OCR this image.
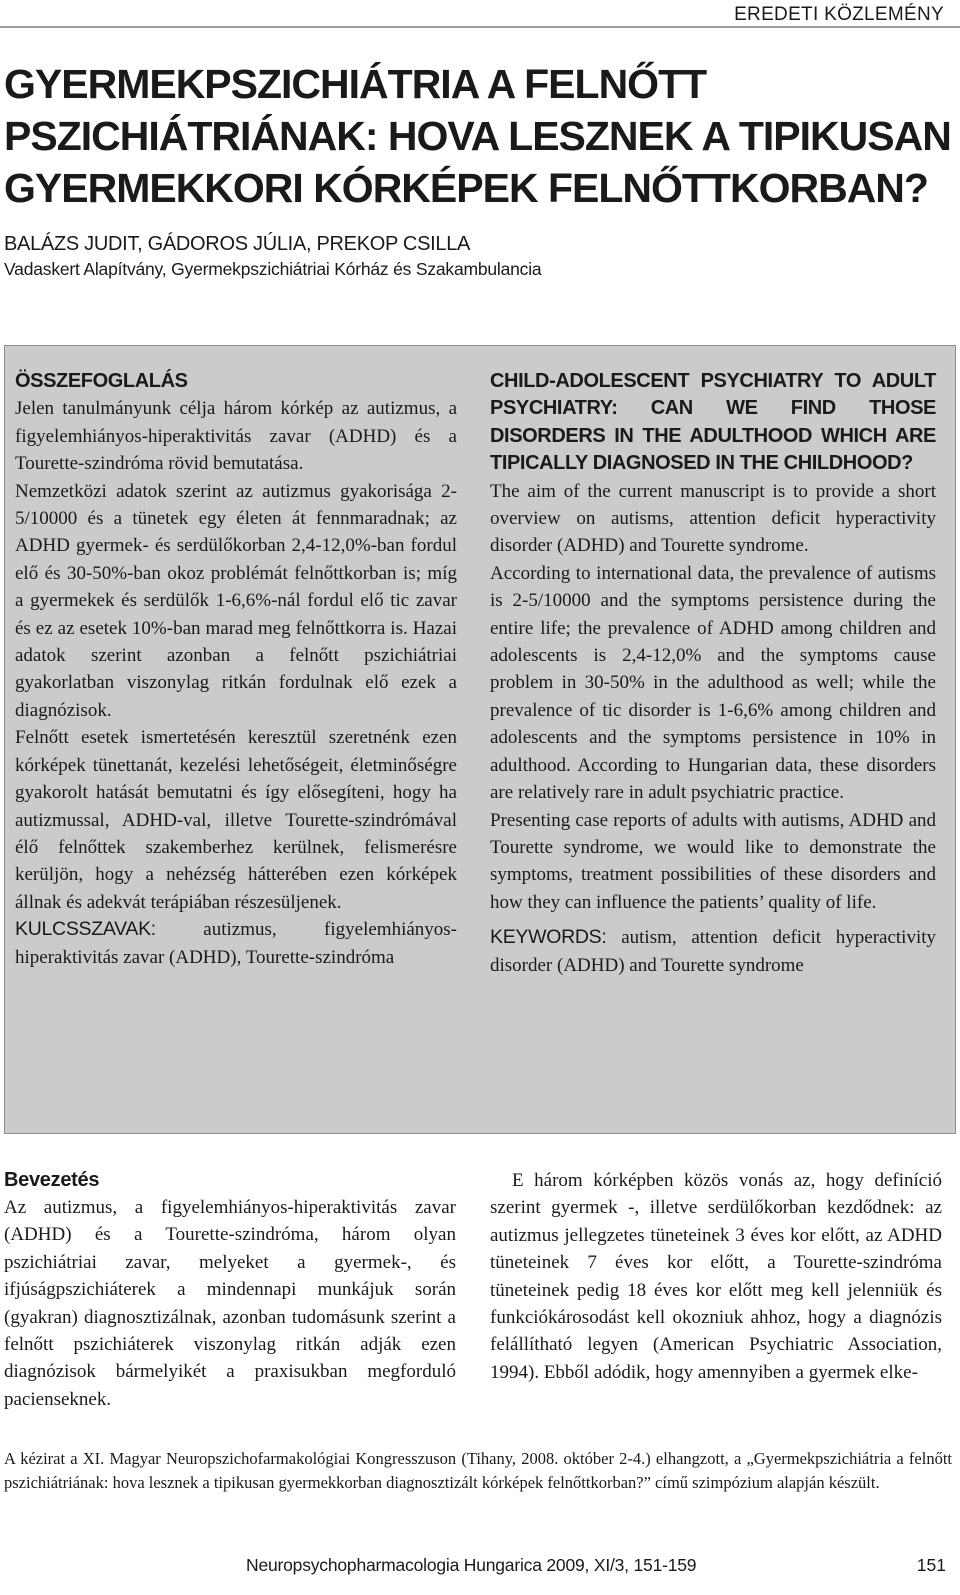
EREDETI KÖZLEMÉNY
GYERMEKPSZICHIÁTRIA A FELNŐTT PSZICHIÁTRIÁNAK: HOVA LESZNEK A TIPIKUSAN GYERMEKKORI KÓRKÉPEK FELNŐTTKORBAN?
BALÁZS JUDIT, GÁDOROS JÚLIA, PREKOP CSILLA
Vadaskert Alapítvány, Gyermekpszichiátriai Kórház és Szakambulancia

ÖSSZEFOGLALÁS

Jelen tanulmányunk célja három kórkép az autizmus, a figyelemhiányos-hiperaktivitás zavar (ADHD) és a Tourette-szindróma rövid bemutatása.

Nemzetközi adatok szerint az autizmus gyakorisága 2-5/10000 és a tünetek egy életen át fennmaradnak; az ADHD gyermek- és serdülőkorban 2,4-12,0%-ban fordul elő és 30-50%-ban okoz problémát felnőttkorban is; míg a gyermekek és serdülők 1-6,6%-nál fordul elő tic zavar és ez az esetek 10%-ban marad meg felnőttkorra is. Hazai adatok szerint azonban a felnőtt pszichiátriai gyakorlatban viszonylag ritkán fordulnak elő ezek a diagnózisok.

Felnőtt esetek ismertetésén keresztül szeretnénk ezen kórképek tünettanát, kezelési lehetőségeit, életminőségre gyakorolt hatását bemutatni és így elősegíteni, hogy ha autizmussal, ADHD-val, illetve Tourette-szindrómával élő felnőttek szakemberhez kerülnek, felismerésre kerüljön, hogy a nehézség hátterében ezen kórképek állnak és adekvát terápiában részesüljenek.

KULCSSZAVAK: autizmus, figyelemhiányos-hiperaktivitás zavar (ADHD), Tourette-szindróma

CHILD-ADOLESCENT PSYCHIATRY TO ADULT PSYCHIATRY: CAN WE FIND THOSE DISORDERS IN THE ADULTHOOD WHICH ARE TIPICALLY DIAGNOSED IN THE CHILDHOOD?

The aim of the current manuscript is to provide a short overview on autisms, attention deficit hyperactivity disorder (ADHD) and Tourette syndrome.

According to international data, the prevalence of autisms is 2-5/10000 and the symptoms persistence during the entire life; the prevalence of ADHD among children and adolescents is 2,4-12,0% and the symptoms cause problem in 30-50% in the adulthood as well; while the prevalence of tic disorder is 1-6,6% among children and adolescents and the symptoms persistence in 10% in adulthood. According to Hungarian data, these disorders are relatively rare in adult psychiatric practice.

Presenting case reports of adults with autisms, ADHD and Tourette syndrome, we would like to demonstrate the symptoms, treatment possibilities of these disorders and how they can influence the patients’ quality of life.

KEYWORDS: autism, attention deficit hyperactivity disorder (ADHD) and Tourette syndrome

Bevezetés

Az autizmus, a figyelemhiányos-hiperaktivitás zavar (ADHD) és a Tourette-szindróma, három olyan pszichiátriai zavar, melyeket a gyermek-, és ifjúságpszichiáterek a mindennapi munkájuk során (gyakran) diagnosztizálnak, azonban tudomásunk szerint a felnőtt pszichiáterek viszonylag ritkán adják ezen diagnózisok bármelyikét a praxisukban megforduló pacienseknek.

E három kórképben közös vonás az, hogy definíció szerint gyermek -, illetve serdülőkorban kezdődnek: az autizmus jellegzetes tüneteinek 3 éves kor előtt, az ADHD tüneteinek 7 éves kor előtt, a Tourette-szindróma tüneteinek pedig 18 éves kor előtt meg kell jelenniük és funkciókárosodást kell okozniuk ahhoz, hogy a diagnózis felállítható legyen (American Psychiatric Association, 1994). Ebből adódik, hogy amennyiben a gyermek elke-

A kézirat a XI. Magyar Neuropszichofarmakológiai Kongresszuson (Tihany, 2008. október 2-4.) elhangzott, a „Gyermekpszichiátria a felnőtt pszichiátriának: hova lesznek a tipikusan gyermekkorban diagnosztizált kórképek felnőttkorban?” című szimpózium alapján készült.

Neuropsychopharmacologia Hungarica 2009, XI/3, 151-159	151
